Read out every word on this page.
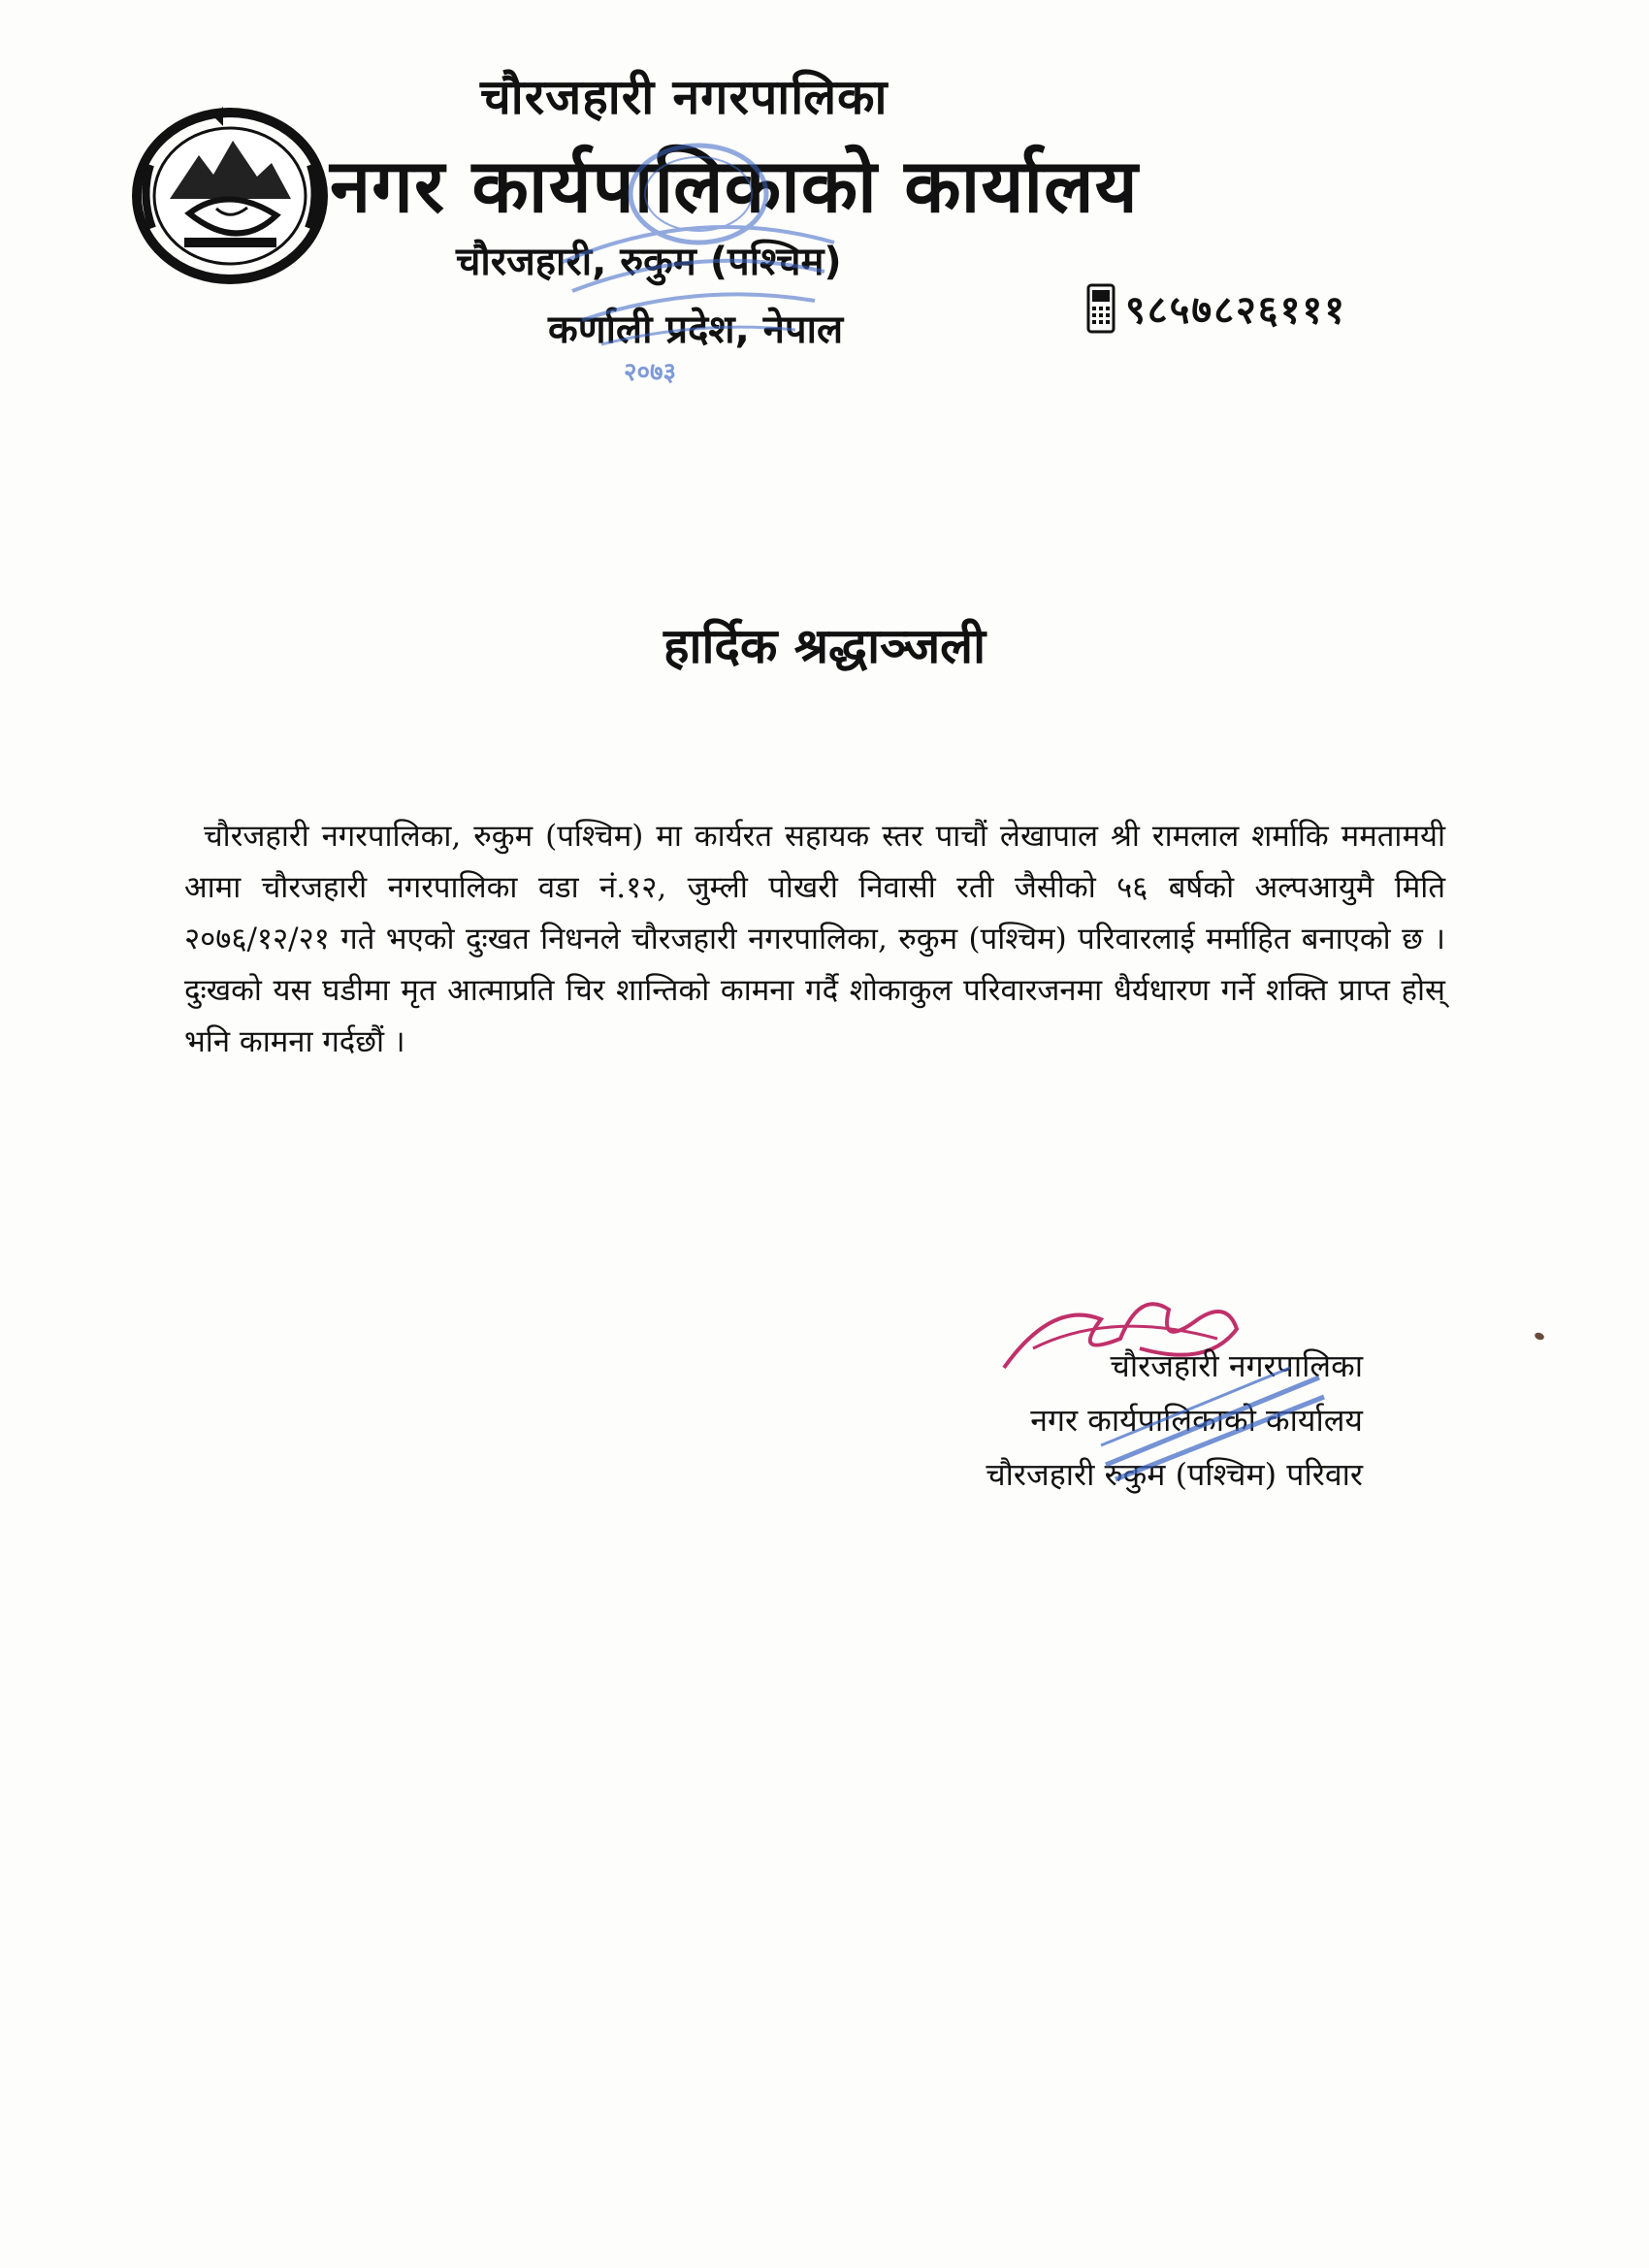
चौरजहारी नगरपालिका
नगर कार्यपालिकाको कार्यालय
चौरजहारी, रुकुम (पश्चिम)
कर्णाली प्रदेश, नेपाल
२०७३
९८५७८२६१११
हार्दिक श्रद्धाञ्जली

चौरजहारी नगरपालिका, रुकुम (पश्चिम) मा कार्यरत सहायक स्तर पाचौं लेखापाल श्री रामलाल शर्माकि ममतामयी आमा चौरजहारी नगरपालिका वडा नं.१२, जुम्ली पोखरी निवासी रती जैसीको ५६ बर्षको अल्पआयुमै मिति २०७६/१२/२१ गते भएको दुःखत निधनले चौरजहारी नगरपालिका, रुकुम (पश्चिम) परिवारलाई मर्माहित बनाएको छ । दुःखको यस घडीमा मृत आत्माप्रति चिर शान्तिको कामना गर्दै शोकाकुल परिवारजनमा धैर्यधारण गर्ने शक्ति प्राप्त होस् भनि कामना गर्दछौं ।

चौरजहारी नगरपालिका
नगर कार्यपालिकाको कार्यालय
चौरजहारी रुकुम (पश्चिम) परिवार
